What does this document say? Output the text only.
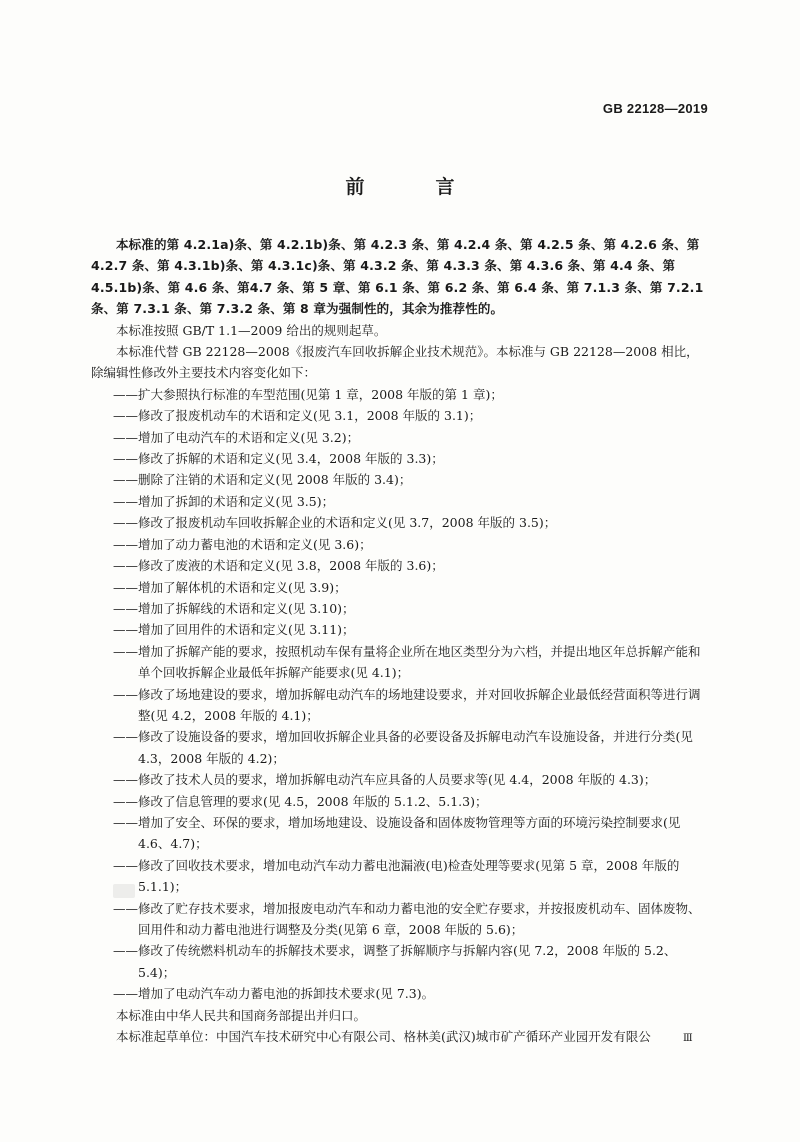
GB 22128—2019
前　言

本标准的第 4.2.1a)条、第 4.2.1b)条、第 4.2.3 条、第 4.2.4 条、第 4.2.5 条、第 4.2.6 条、第 4.2.7 条、第 4.3.1b)条、第 4.3.1c)条、第 4.3.2 条、第 4.3.3 条、第 4.3.6 条、第 4.4 条、第 4.5.1b)条、第 4.6 条、第4.7 条、第 5 章、第 6.1 条、第 6.2 条、第 6.4 条、第 7.1.3 条、第 7.2.1 条、第 7.3.1 条、第 7.3.2 条、第 8 章为强制性的，其余为推荐性的。

本标准按照 GB/T 1.1—2009 给出的规则起草。

本标准代替 GB 22128—2008《报废汽车回收拆解企业技术规范》。本标准与 GB 22128—2008 相比，除编辑性修改外主要技术内容变化如下：

——扩大参照执行标准的车型范围(见第 1 章，2008 年版的第 1 章)；

——修改了报废机动车的术语和定义(见 3.1，2008 年版的 3.1)；

——增加了电动汽车的术语和定义(见 3.2)；

——修改了拆解的术语和定义(见 3.4，2008 年版的 3.3)；

——删除了注销的术语和定义(见 2008 年版的 3.4)；

——增加了拆卸的术语和定义(见 3.5)；

——修改了报废机动车回收拆解企业的术语和定义(见 3.7，2008 年版的 3.5)；

——增加了动力蓄电池的术语和定义(见 3.6)；

——修改了废液的术语和定义(见 3.8，2008 年版的 3.6)；

——增加了解体机的术语和定义(见 3.9)；

——增加了拆解线的术语和定义(见 3.10)；

——增加了回用件的术语和定义(见 3.11)；

——增加了拆解产能的要求，按照机动车保有量将企业所在地区类型分为六档，并提出地区年总拆解产能和单个回收拆解企业最低年拆解产能要求(见 4.1)；

——修改了场地建设的要求，增加拆解电动汽车的场地建设要求，并对回收拆解企业最低经营面积等进行调整(见 4.2，2008 年版的 4.1)；

——修改了设施设备的要求，增加回收拆解企业具备的必要设备及拆解电动汽车设施设备，并进行分类(见 4.3，2008 年版的 4.2)；

——修改了技术人员的要求，增加拆解电动汽车应具备的人员要求等(见 4.4，2008 年版的 4.3)；

——修改了信息管理的要求(见 4.5，2008 年版的 5.1.2、5.1.3)；

——增加了安全、环保的要求，增加场地建设、设施设备和固体废物管理等方面的环境污染控制要求(见 4.6、4.7)；

——修改了回收技术要求，增加电动汽车动力蓄电池漏液(电)检查处理等要求(见第 5 章，2008 年版的 5.1.1)；

——修改了贮存技术要求，增加报废电动汽车和动力蓄电池的安全贮存要求，并按报废机动车、固体废物、回用件和动力蓄电池进行调整及分类(见第 6 章，2008 年版的 5.6)；

——修改了传统燃料机动车的拆解技术要求，调整了拆解顺序与拆解内容(见 7.2，2008 年版的 5.2、5.4)；

——增加了电动汽车动力蓄电池的拆卸技术要求(见 7.3)。

本标准由中华人民共和国商务部提出并归口。

本标准起草单位：中国汽车技术研究中心有限公司、格林美(武汉)城市矿产循环产业园开发有限公	Ⅲ
